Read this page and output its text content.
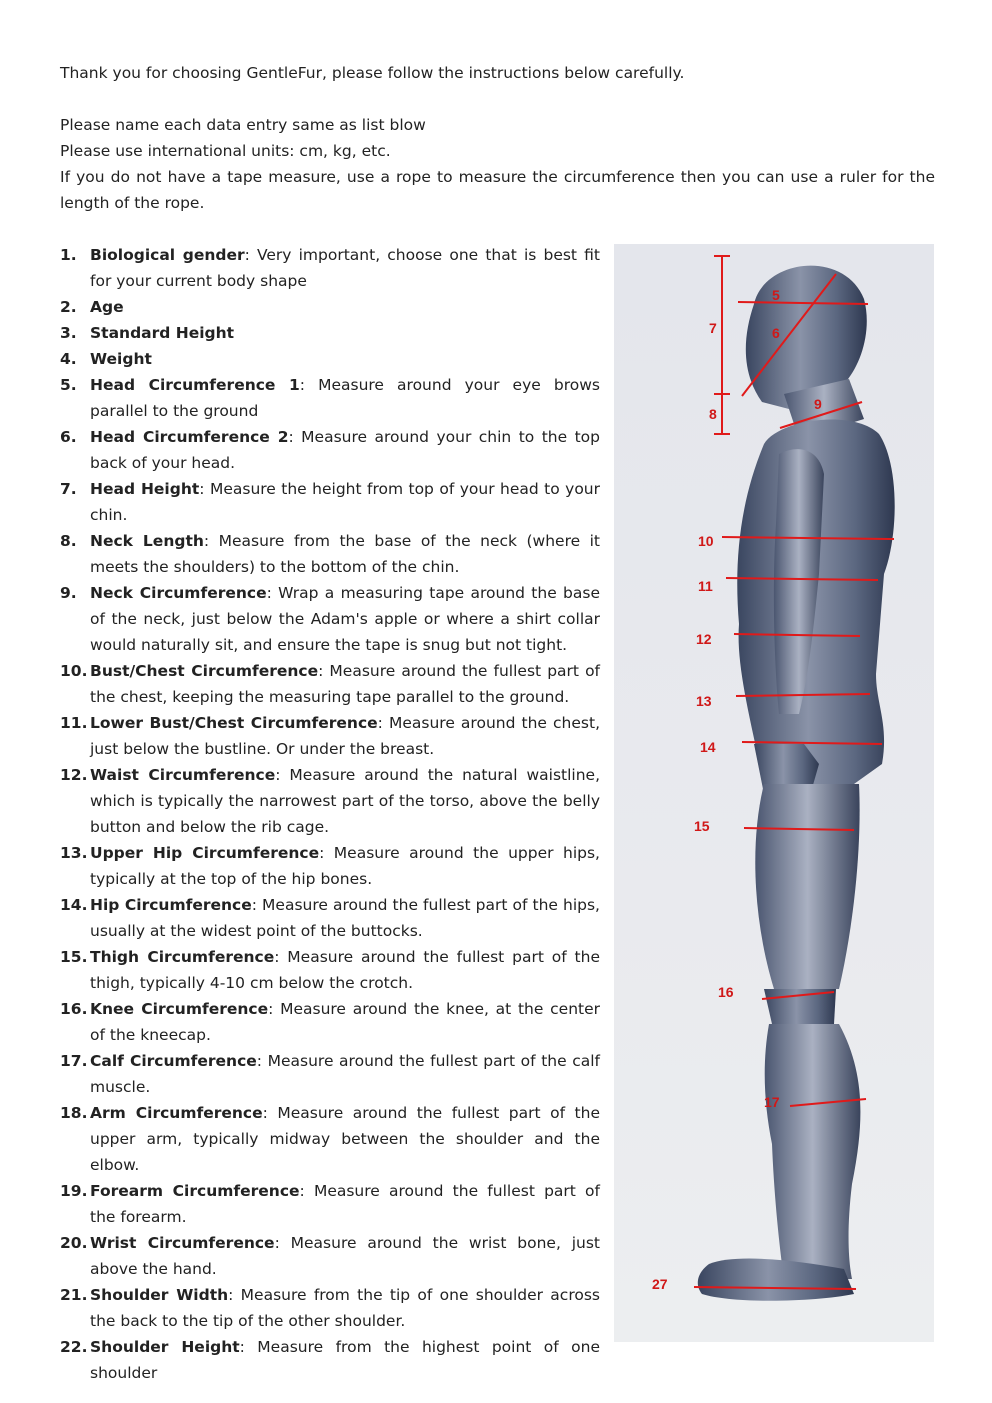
Thank you for choosing GentleFur, please follow the instructions below carefully.

Please name each data entry same as list blow

Please use international units: cm, kg, etc.

If you do not have a tape measure, use a rope to measure the circumference then you can use a ruler for the length of the rope.

1. Biological gender: Very important, choose one that is best fit for your current body shape
2. Age
3. Standard Height
4. Weight
5. Head Circumference 1: Measure around your eye brows parallel to the ground
6. Head Circumference 2: Measure around your chin to the top back of your head.
7. Head Height: Measure the height from top of your head to your chin.
8. Neck Length: Measure from the base of the neck (where it meets the shoulders) to the bottom of the chin.
9. Neck Circumference: Wrap a measuring tape around the base of the neck, just below the Adam's apple or where a shirt collar would naturally sit, and ensure the tape is snug but not tight.
10. Bust/Chest Circumference: Measure around the fullest part of the chest, keeping the measuring tape parallel to the ground.
11. Lower Bust/Chest Circumference: Measure around the chest, just below the bustline. Or under the breast.
12. Waist Circumference: Measure around the natural waistline, which is typically the narrowest part of the torso, above the belly button and below the rib cage.
13. Upper Hip Circumference: Measure around the upper hips, typically at the top of the hip bones.
14. Hip Circumference: Measure around the fullest part of the hips, usually at the widest point of the buttocks.
15. Thigh Circumference: Measure around the fullest part of the thigh, typically 4-10 cm below the crotch.
16. Knee Circumference: Measure around the knee, at the center of the kneecap.
17. Calf Circumference: Measure around the fullest part of the calf muscle.
18. Arm Circumference: Measure around the fullest part of the upper arm, typically midway between the shoulder and the elbow.
19. Forearm Circumference: Measure around the fullest part of the forearm.
20. Wrist Circumference: Measure around the wrist bone, just above the hand.
21. Shoulder Width: Measure from the tip of one shoulder across the back to the tip of the other shoulder.
22. Shoulder Height: Measure from the highest point of one shoulder
5
6
7
8
9
10
11
12
13
14
15
16
17
27
